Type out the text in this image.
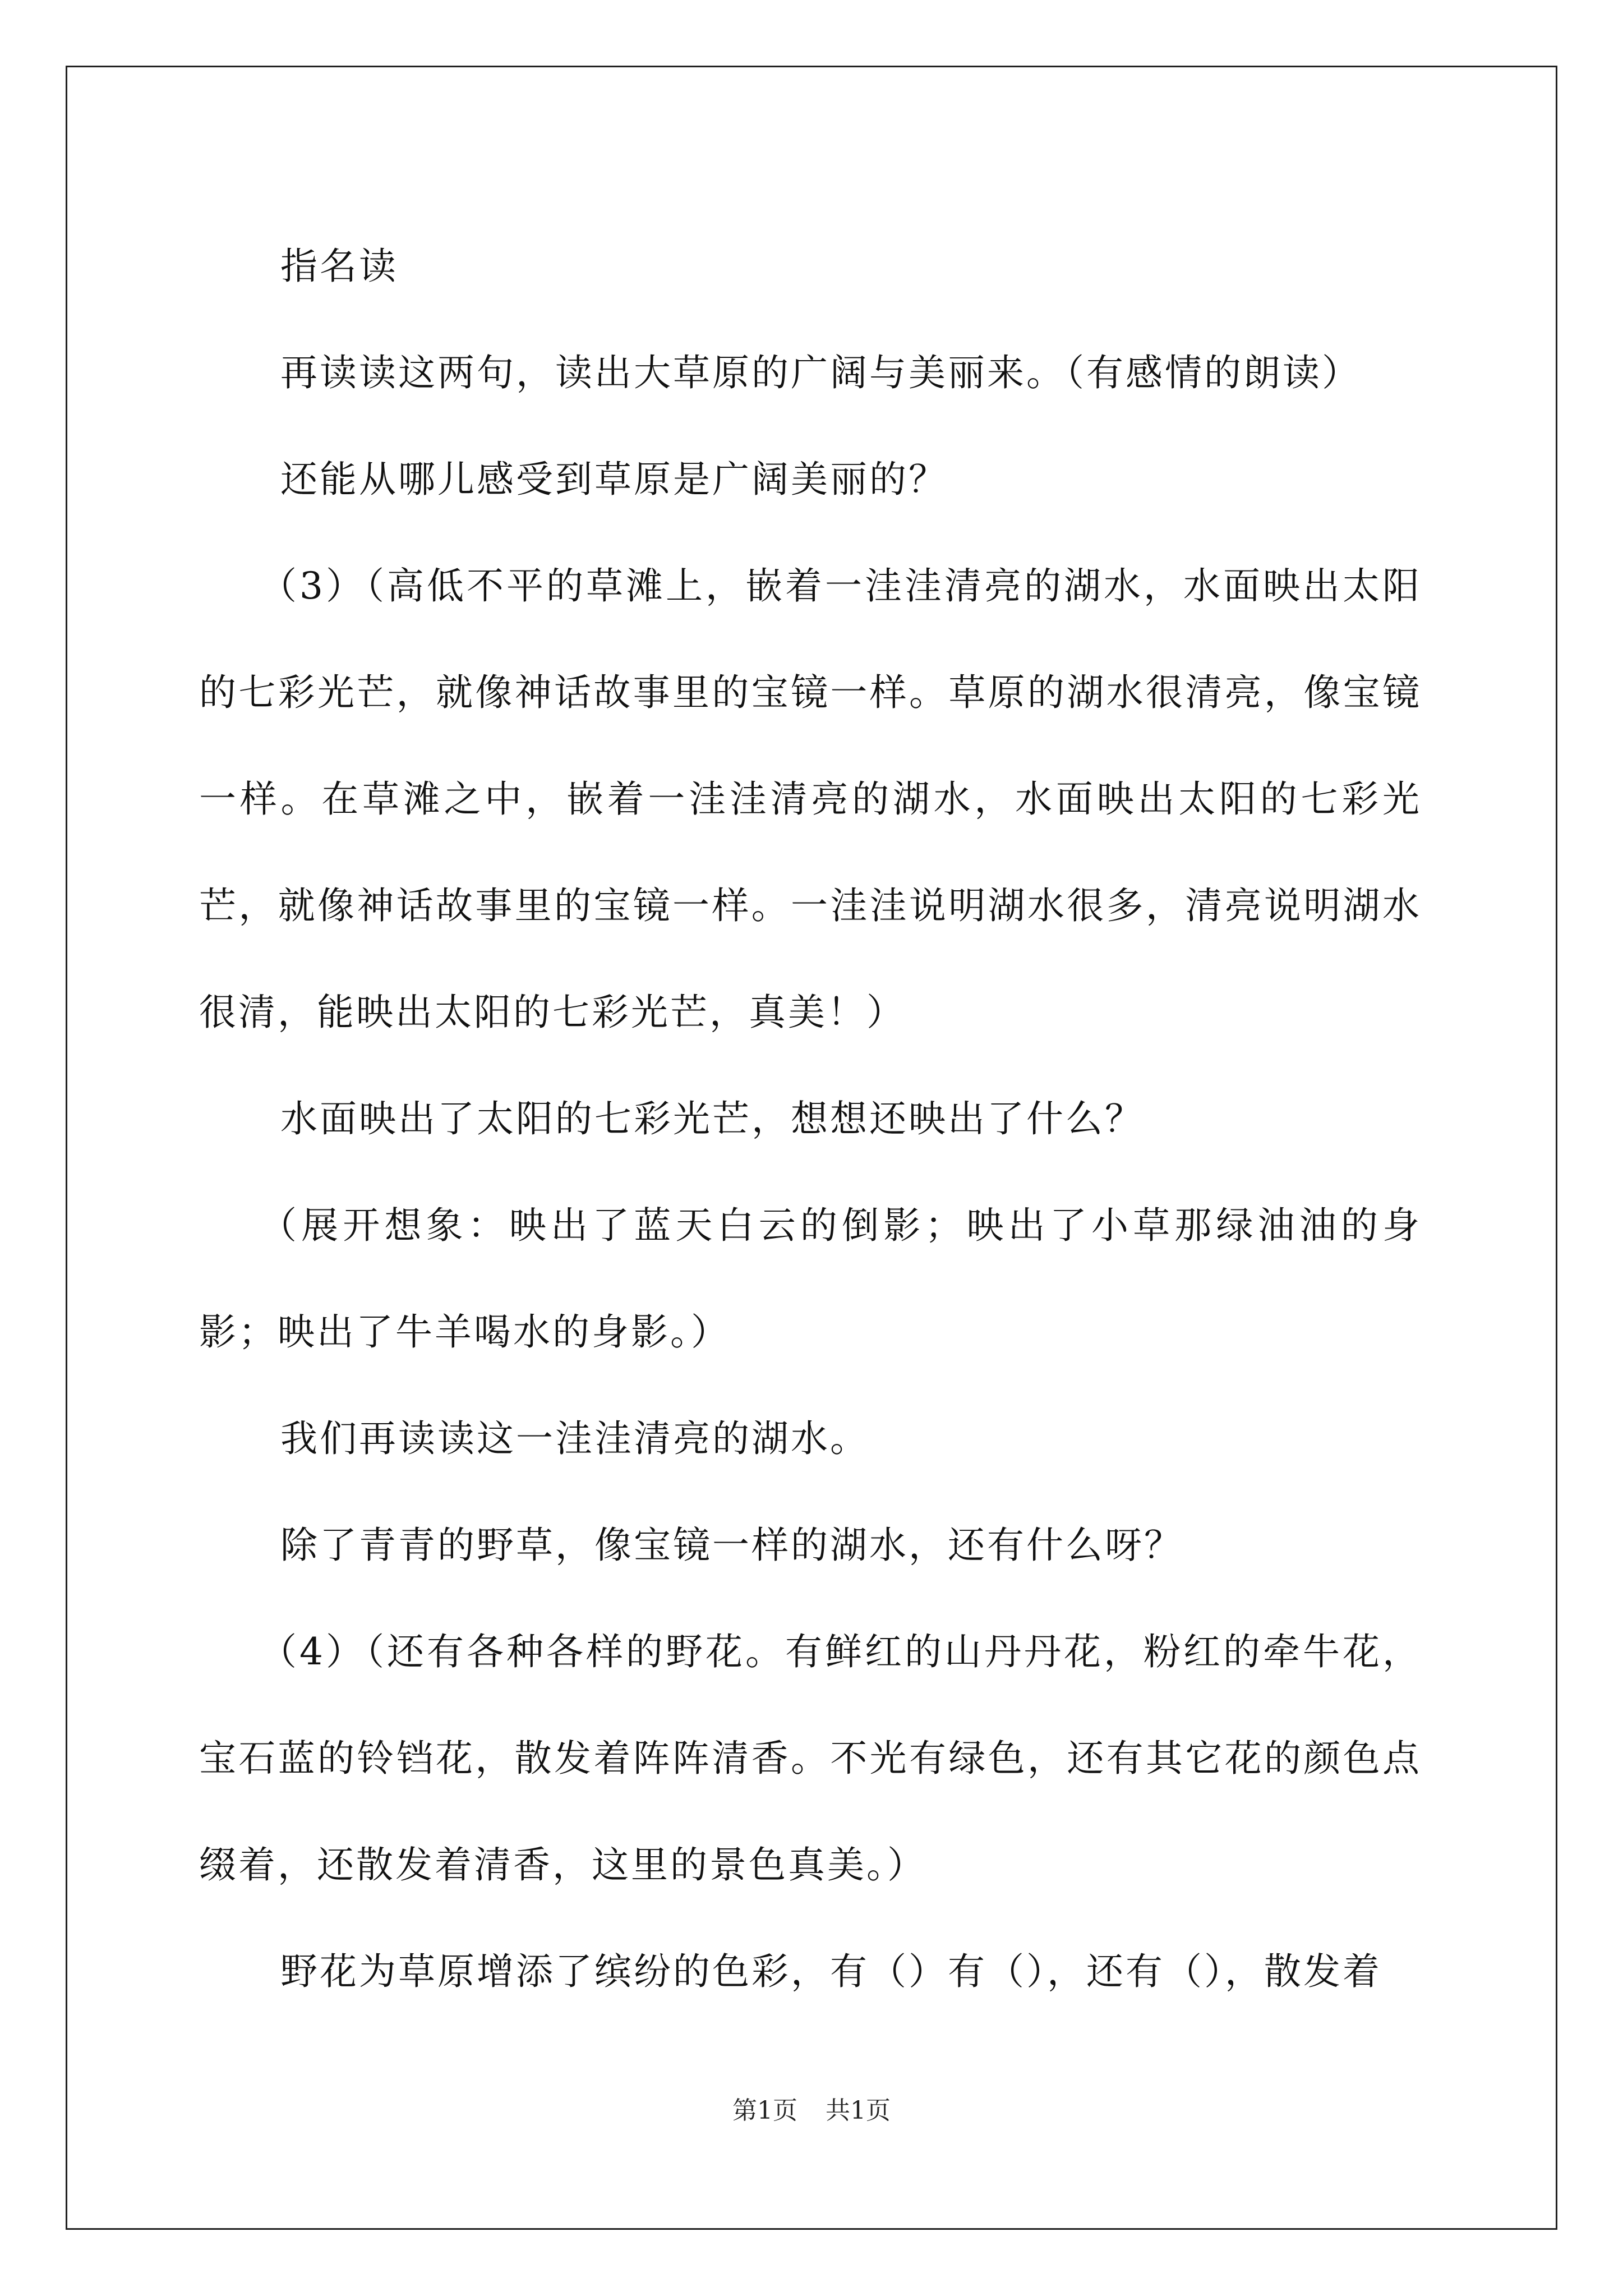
指名读

再读读这两句，读出大草原的广阔与美丽来。（有感情的朗读）

还能从哪儿感受到草原是广阔美丽的？

（3）（高低不平的草滩上，嵌着一洼洼清亮的湖水，水面映出太阳的七彩光芒，就像神话故事里的宝镜一样。草原的湖水很清亮，像宝镜一样。在草滩之中，嵌着一洼洼清亮的湖水，水面映出太阳的七彩光芒，就像神话故事里的宝镜一样。一洼洼说明湖水很多，清亮说明湖水很清，能映出太阳的七彩光芒，真美！）

水面映出了太阳的七彩光芒，想想还映出了什么？

（展开想象：映出了蓝天白云的倒影；映出了小草那绿油油的身影；映出了牛羊喝水的身影。）

我们再读读这一洼洼清亮的湖水。

除了青青的野草，像宝镜一样的湖水，还有什么呀？

（4）（还有各种各样的野花。有鲜红的山丹丹花，粉红的牵牛花，宝石蓝的铃铛花，散发着阵阵清香。不光有绿色，还有其它花的颜色点缀着，还散发着清香，这里的景色真美。）

野花为草原增添了缤纷的色彩，有（）有（），还有（），散发着

第1页 共1页
